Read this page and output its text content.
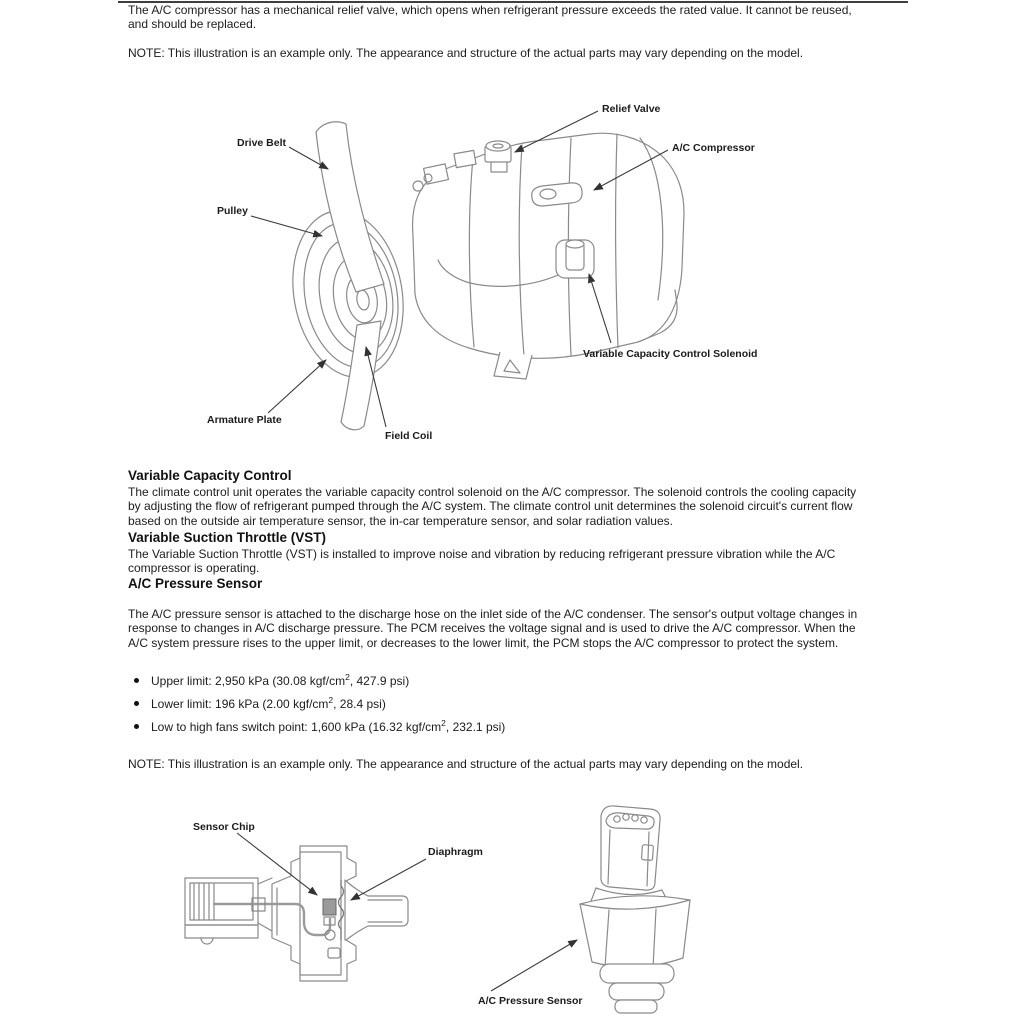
The A/C compressor has a mechanical relief valve, which opens when refrigerant pressure exceeds the rated value. It cannot be reused, and should be replaced.
NOTE: This illustration is an example only. The appearance and structure of the actual parts may vary depending on the model.
Relief Valve
Drive Belt	A/C Compressor
Pulley
Variable Capacity Control Solenoid
Armature Plate
Field Coil
Variable Capacity Control
The climate control unit operates the variable capacity control solenoid on the A/C compressor. The solenoid controls the cooling capacity by adjusting the flow of refrigerant pumped through the A/C system. The climate control unit determines the solenoid circuit's current flow based on the outside air temperature sensor, the in-car temperature sensor, and solar radiation values.
Variable Suction Throttle (VST)
The Variable Suction Throttle (VST) is installed to improve noise and vibration by reducing refrigerant pressure vibration while the A/C compressor is operating.
A/C Pressure Sensor
The A/C pressure sensor is attached to the discharge hose on the inlet side of the A/C condenser. The sensor's output voltage changes in response to changes in A/C discharge pressure. The PCM receives the voltage signal and is used to drive the A/C compressor. When the A/C system pressure rises to the upper limit, or decreases to the lower limit, the PCM stops the A/C compressor to protect the system.
Upper limit: 2,950 kPa (30.08 kgf/$cm^2$, 427.9 psi)
Lower limit: 196 kPa (2.00 kgf/$cm^2$, 28.4 psi)
Low to high fans switch point: 1,600 kPa (16.32 kgf/$cm^2$, 232.1 psi)
NOTE: This illustration is an example only. The appearance and structure of the actual parts may vary depending on the model.
Sensor Chip
Diaphragm
A/C Pressure Sensor
